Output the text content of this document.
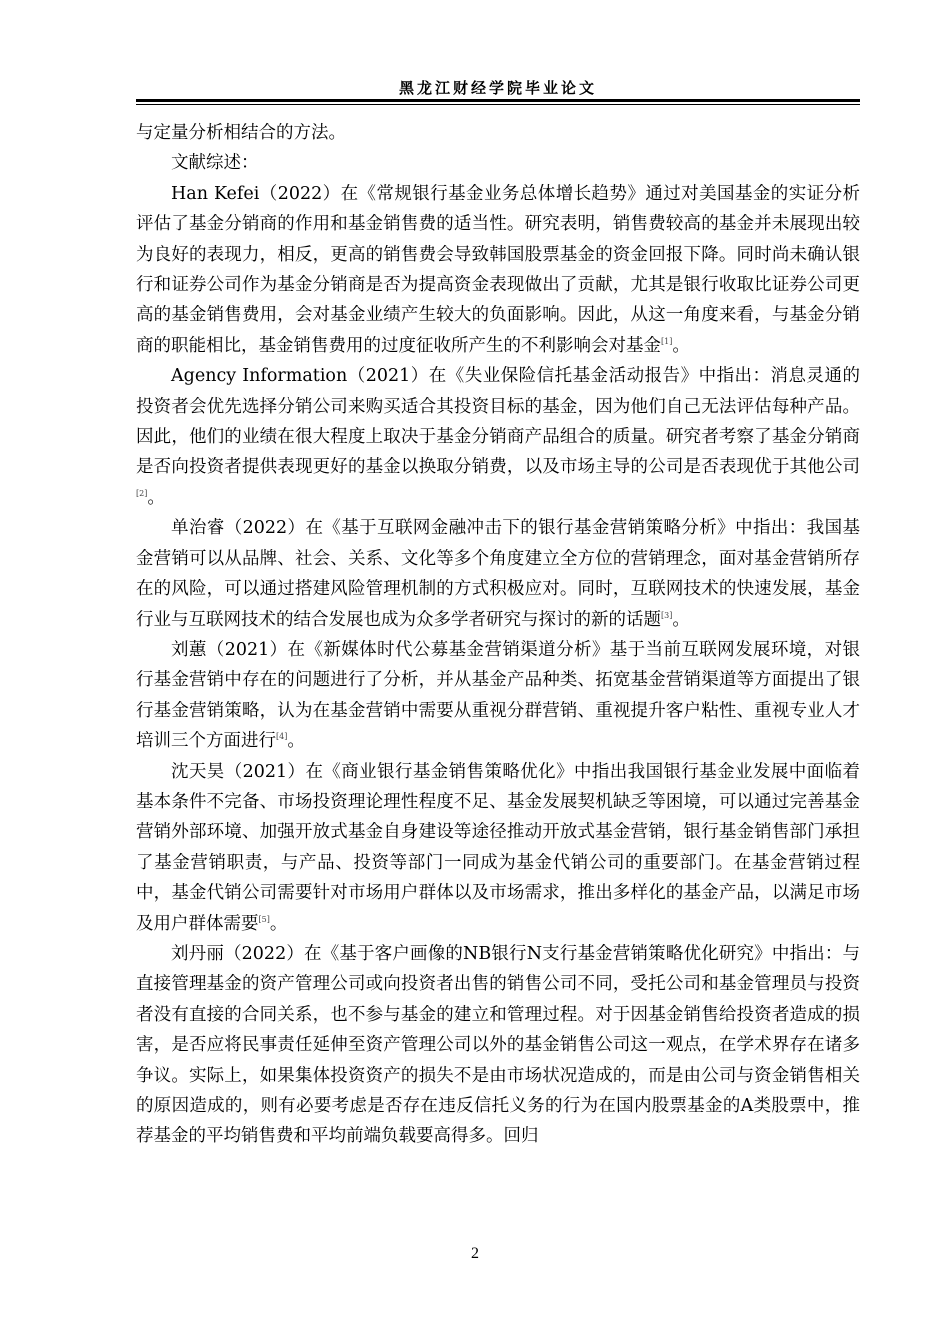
黑龙江财经学院毕业论文

与定量分析相结合的方法。

文献综述：

Han Kefei（2022）在《常规银行基金业务总体增长趋势》通过对美国基金的实证分析评估了基金分销商的作用和基金销售费的适当性。研究表明，销售费较高的基金并未展现出较为良好的表现力，相反，更高的销售费会导致韩国股票基金的资金回报下降。同时尚未确认银行和证券公司作为基金分销商是否为提高资金表现做出了贡献，尤其是银行收取比证券公司更高的基金销售费用，会对基金业绩产生较大的负面影响。因此，从这一角度来看，与基金分销商的职能相比，基金销售费用的过度征收所产生的不利影响会对基金[1]。

Agency Information（2021）在《失业保险信托基金活动报告》中指出：消息灵通的投资者会优先选择分销公司来购买适合其投资目标的基金，因为他们自己无法评估每种产品。因此，他们的业绩在很大程度上取决于基金分销商产品组合的质量。研究者考察了基金分销商是否向投资者提供表现更好的基金以换取分销费，以及市场主导的公司是否表现优于其他公司[2]。

单治睿（2022）在《基于互联网金融冲击下的银行基金营销策略分析》中指出：我国基金营销可以从品牌、社会、关系、文化等多个角度建立全方位的营销理念，面对基金营销所存在的风险，可以通过搭建风险管理机制的方式积极应对。同时，互联网技术的快速发展，基金行业与互联网技术的结合发展也成为众多学者研究与探讨的新的话题[3]。

刘蕙（2021）在《新媒体时代公募基金营销渠道分析》基于当前互联网发展环境，对银行基金营销中存在的问题进行了分析，并从基金产品种类、拓宽基金营销渠道等方面提出了银行基金营销策略，认为在基金营销中需要从重视分群营销、重视提升客户粘性、重视专业人才培训三个方面进行[4]。

沈天昊（2021）在《商业银行基金销售策略优化》中指出我国银行基金业发展中面临着基本条件不完备、市场投资理论理性程度不足、基金发展契机缺乏等困境，可以通过完善基金营销外部环境、加强开放式基金自身建设等途径推动开放式基金营销，银行基金销售部门承担了基金营销职责，与产品、投资等部门一同成为基金代销公司的重要部门。在基金营销过程中，基金代销公司需要针对市场用户群体以及市场需求，推出多样化的基金产品，以满足市场及用户群体需要[5]。

刘丹丽（2022）在《基于客户画像的NB银行N支行基金营销策略优化研究》中指出：与直接管理基金的资产管理公司或向投资者出售的销售公司不同，受托公司和基金管理员与投资者没有直接的合同关系，也不参与基金的建立和管理过程。对于因基金销售给投资者造成的损害，是否应将民事责任延伸至资产管理公司以外的基金销售公司这一观点，在学术界存在诸多争议。实际上，如果集体投资资产的损失不是由市场状况造成的，而是由公司与资金销售相关的原因造成的，则有必要考虑是否存在违反信托义务的行为在国内股票基金的A类股票中，推荐基金的平均销售费和平均前端负载要高得多。回归

2
